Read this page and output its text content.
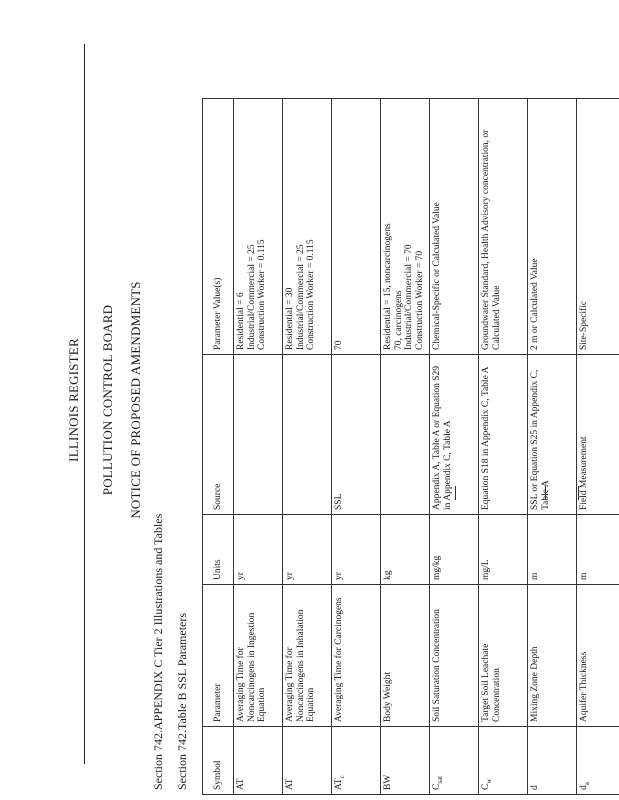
ILLINOIS REGISTER POLLUTION CONTROL BOARD NOTICE OF PROPOSED AMENDMENTS
Section 742.APPENDIX C Tier 2 Illustrations and Tables Section 742.Table B SSL Parameters Symbol	Parameter	Units	Source	Parameter Value(s)
AT	Averaging Time for Noncarcinogens in Ingestion Equation	yr		Residential = 6
Industrial/Commercial = 25
Construction Worker = 0.115
AT	Averaging Time for Noncarcinogens in Inhalation Equation	yr		Residential = 30
Industrial/Commercial = 25
Construction Worker = 0.115
$AT_c$	Averaging Time for Carcinogens	yr	SSL	70
BW	Body Weight	kg		Residential = 15, noncarcinogens
70, carcinogens
Industrial/Commercial = 70
Construction Worker = 70
$C_{sat}$	Soil Saturation Concentration	mg/kg	Appendix A, Table A or Equation S29 in Appendix C, Table A	Chemical-Specific or Calculated Value
$C_w$	Target Soil Leachate Concentration	mg/L	Equation S18 in Appendix C, Table A	Groundwater Standard, Health Advisory concentration, or Calculated Value
d	Mixing Zone Depth	m	SSL or Equation S25 in Appendix C, Table A	2 m or Calculated Value
$d_a$	Aquifer Thickness	m	Field Measurement	Site-Specific
